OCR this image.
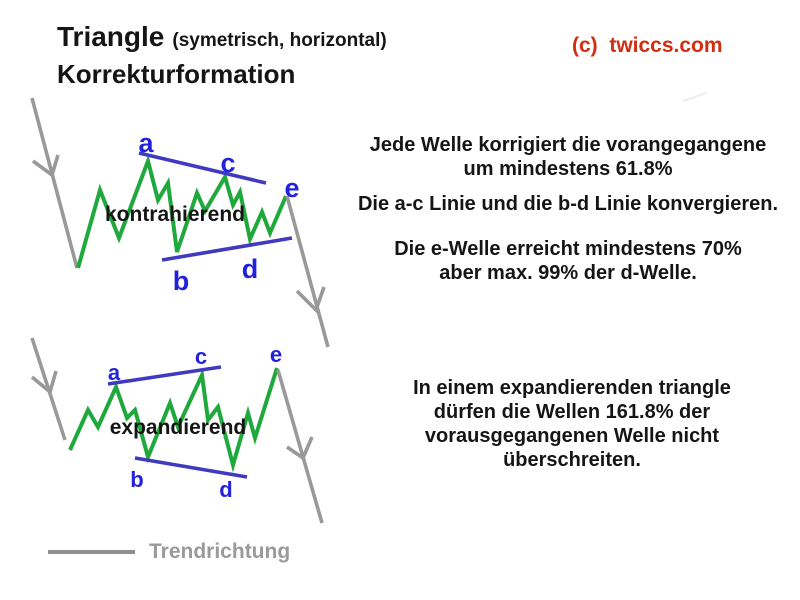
Triangle (symetrisch, horizontal)
Korrekturformation
(c)  twiccs.com
a
c
e
b d
kontrahierend
a
c	e
b	d
expandierend
Jede Welle korrigiert die vorangegangene
um mindestens 61.8%
Die a-c Linie und die b-d Linie konvergieren.
Die e-Welle erreicht mindestens 70%
aber max. 99% der d-Welle.
In einem expandierenden triangle
dürfen die Wellen 161.8% der
vorausgegangenen Welle nicht
überschreiten.
Trendrichtung
